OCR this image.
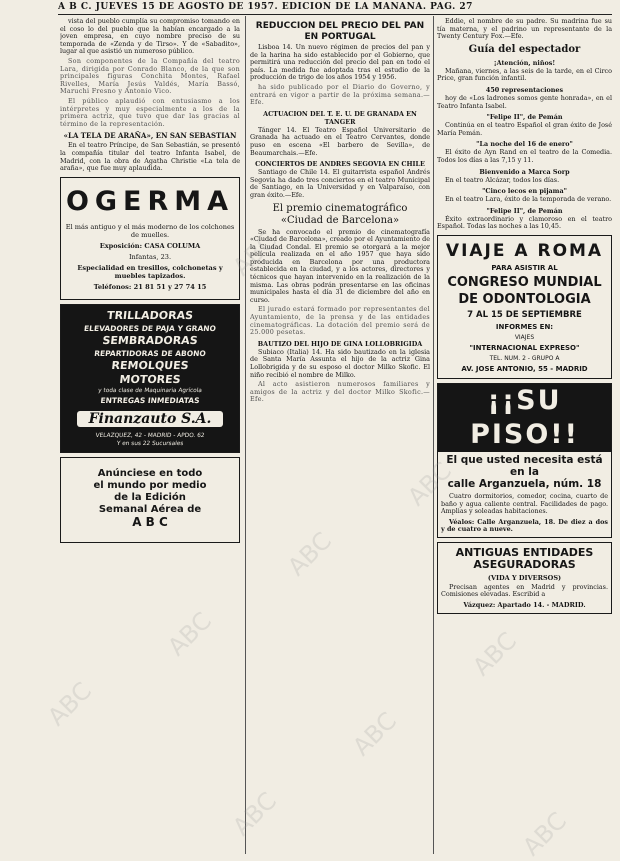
A B C. JUEVES 15 DE AGOSTO DE 1957. EDICION DE LA MAÑANA. PAG. 27

vista del pueblo cumplía su compromiso tomando en el coso lo del pueblo que la habían encargado a la joven empresa, en cuyo nombre preciso de su temporada de «Zenda y de Tirso». Y de «Sabadito», lugar al que asistió un numeroso público.

Son componentes de la Compañía del teatro Lara, dirigida por Conrado Blanco, de la que son principales figuras Conchita Montes, Rafael Rivelles, María Jesús Valdés, María Bassó, Maruchi Fresno y Antonio Vico.

El público aplaudió con entusiasmo a los intérpretes y muy especialmente a los de la primera actriz, que tuvo que dar las gracias al término de la representación.

«LA TELA DE ARAÑA», EN SAN SEBASTIAN

En el teatro Príncipe, de San Sebastián, se presentó la compañía titular del teatro Infanta Isabel, de Madrid, con la obra de Agatha Christie «La tela de araña», que fue muy aplaudida.

OGERMA
El más antiguo y el más moderno de los colchones de muelles.
Exposición: CASA COLUMA
Infantas, 23.
Especialidad en tresillos, colchonetas y muebles tapizados.
Teléfonos: 21 81 51 y 27 74 15
TRILLADORAS
ELEVADORES DE PAJA Y GRANO
SEMBRADORAS
REPARTIDORAS DE ABONO
REMOLQUES
MOTORES
y toda clase de Maquinaria Agrícola
ENTREGAS INMEDIATAS
Finanzauto S.A.
VELAZQUEZ, 42 - MADRID - APDO. 62
Y en sus 22 Sucursales
Anúnciese en todo
el mundo por medio
de la Edición
Semanal Aérea de
A B C
REDUCCION DEL PRECIO DEL PAN EN PORTUGAL

Lisboa 14. Un nuevo régimen de precios del pan y de la harina ha sido establecido por el Gobierno, que permitirá una reducción del precio del pan en todo el país. La medida fue adoptada tras el estudio de la producción de trigo de los años 1954 y 1956.

ha sido publicado por el Diario do Governo, y entrará en vigor a partir de la próxima semana.—Efe.

ACTUACION DEL T. E. U. DE GRANADA EN TANGER

Tánger 14. El Teatro Español Universitario de Granada ha actuado en el Teatro Cervantes, donde puso en escena «El barbero de Sevilla», de Beaumarchais.—Efe.

CONCIERTOS DE ANDRES SEGOVIA EN CHILE

Santiago de Chile 14. El guitarrista español Andrés Segovia ha dado tres conciertos en el teatro Municipal de Santiago, en la Universidad y en Valparaíso, con gran éxito.—Efe.

El premio cinematográfico «Ciudad de Barcelona»

Se ha convocado el premio de cinematografía «Ciudad de Barcelona», creado por el Ayuntamiento de la Ciudad Condal. El premio se otorgará a la mejor película realizada en el año 1957 que haya sido producida en Barcelona por una productora establecida en la ciudad, y a los actores, directores y técnicos que hayan intervenido en la realización de la misma. Las obras podrán presentarse en las oficinas municipales hasta el día 31 de diciembre del año en curso.

El jurado estará formado por representantes del Ayuntamiento, de la prensa y de las entidades cinematográficas. La dotación del premio será de 25.000 pesetas.

BAUTIZO DEL HIJO DE GINA LOLLOBRIGIDA

Subiaco (Italia) 14. Ha sido bautizado en la iglesia de Santa María Assunta el hijo de la actriz Gina Lollobrigida y de su esposo el doctor Milko Skofic. El niño recibió el nombre de Milko.

Al acto asistieron numerosos familiares y amigos de la actriz y del doctor Milko Skofic.—Efe.

Eddie, el nombre de su padre. Su madrina fue su tía materna, y el padrino un representante de la Twenty Century Fox.—Efe.

Guía del espectador
¡Atención, niños!

Mañana, viernes, a las seis de la tarde, en el Circo Price, gran función infantil.

450 representaciones

hoy de «Los ladrones somos gente honrada», en el Teatro Infanta Isabel.

"Felipe II", de Pemán

Continúa en el teatro Español el gran éxito de José María Pemán.

"La noche del 16 de enero"

El éxito de Ayn Rand en el teatro de la Comedia. Todos los días a las 7,15 y 11.

Bienvenido a Marca Sorp

En el teatro Alcázar, todos los días.

"Cinco lecos en pijama"

En el teatro Lara, éxito de la temporada de verano.

"Felipe II", de Pemán

Éxito extraordinario y clamoroso en el teatro Español. Todas las noches a las 10,45.

VIAJE A ROMA
PARA ASISTIR AL
CONGRESO MUNDIAL
DE ODONTOLOGIA
7 AL 15 DE SEPTIEMBRE
INFORMES EN:
VIAJES
"INTERNACIONAL EXPRESO"
TEL. NUM. 2 - GRUPO A
AV. JOSE ANTONIO, 55 - MADRID
¡¡SU PISO!!
El que usted necesita está en la
calle Arganzuela, núm. 18

Cuatro dormitorios, comedor, cocina, cuarto de baño y agua caliente central. Facilidades de pago. Amplias y soleadas habitaciones.

Véalos: Calle Arganzuela, 18. De diez a dos y de cuatro a nueve.

ANTIGUAS ENTIDADES
ASEGURADORAS
(VIDA Y DIVERSOS)

Precisan agentes en Madrid y provincias. Comisiones elevadas. Escribid a

Vázquez: Apartado 14. - MADRID.
ABC
ABC
ABC
ABC
ABC
ABC
ABC
ABC
ABC
